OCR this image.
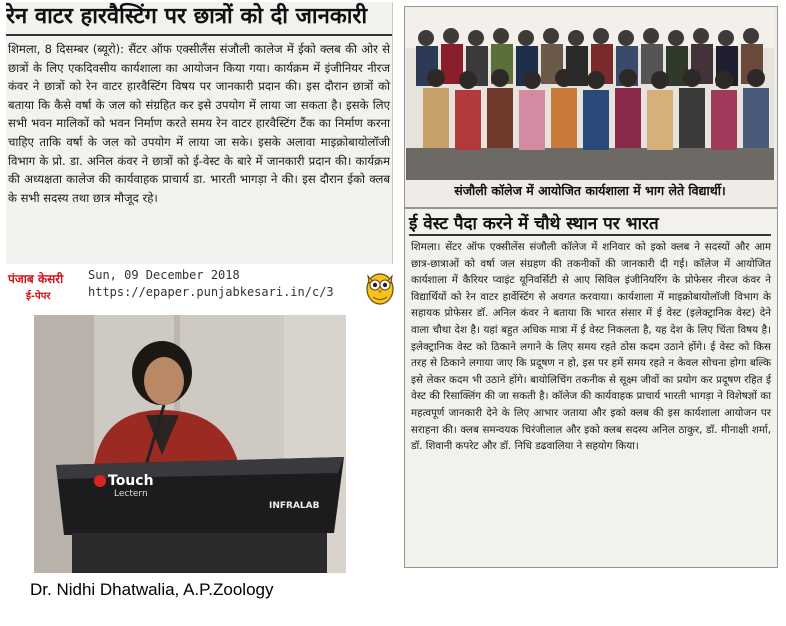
रेन वाटर हारवैस्टिंग पर छात्रों को दी जानकारी
शिमला, 8 दिसम्बर (ब्यूरो): सैंटर ऑफ एक्सीलैंस संजौली कालेज में ईको क्लब की ओर से छात्रों के लिए एकदिवसीय कार्यशाला का आयोजन किया गया। कार्यक्रम में इंजीनियर नीरज कंवर ने छात्रों को रेन वाटर हारवैस्टिंग विषय पर जानकारी प्रदान की। इस दौरान छात्रों को बताया कि कैसे वर्षा के जल को संग्रहित कर इसे उपयोग में लाया जा सकता है। इसके लिए सभी भवन मालिकों को भवन निर्माण करते समय रेन वाटर हारवैस्टिंग टैंक का निर्माण करना चाहिए ताकि वर्षा के जल को उपयोग में लाया जा सके। इसके अलावा माइक्रोबायोलॉजी विभाग के प्रो. डा. अनिल कंवर ने छात्रों को ई-वेस्ट के बारे में जानकारी प्रदान की। कार्यक्रम की अध्यक्षता कालेज की कार्यवाहक प्राचार्य डा. भारती भागड़ा ने की। इस दौरान ईको क्लब के सभी सदस्य तथा छात्र मौजूद रहे।
पंजाब केसरी
ई-पेपर
Sun, 09 December 2018
https://epaper.punjabkesari.in/c/3
Touch
Lectern
INFRALAB
Dr. Nidhi Dhatwalia, A.P.Zoology
संजौली कॉलेज में आयोजित कार्यशाला में भाग लेते विद्यार्थी।
ई वेस्ट पैदा करने में चौथे स्थान पर भारत
शिमला। सेंटर ऑफ एक्सीलेंस संजौली कॉलेज में शनिवार को इको क्लब ने सदस्यों और आम छात्र-छात्राओं को वर्षा जल संग्रहण की तकनीकों की जानकारी दी गई। कॉलेज में आयोजित कार्यशाला में कैरियर प्वाइंट यूनिवर्सिटी से आए सिविल इंजीनियरिंग के प्रोफेसर नीरज कंवर ने विद्यार्थियों को रेन वाटर हार्वेस्टिंग से अवगत करवाया। कार्यशाला में माइक्रोबायोलॉजी विभाग के सहायक प्रोफेसर डॉ. अनिल कंवर ने बताया कि भारत संसार में ई वेस्ट (इलेक्ट्रानिक वेस्ट) देने वाला चौथा देश है। यहां बहुत अधिक मात्रा में ई वेस्ट निकलता है, यह देश के लिए चिंता विषय है। इलेक्ट्रानिक वेस्ट को ठिकाने लगाने के लिए समय रहते ठोस कदम उठाने होंगे। ई वेस्ट को किस तरह से ठिकाने लगाया जाए कि प्रदूषण न हो, इस पर हमें समय रहते न केवल सोचना होगा बल्कि इसे लेकर कदम भी उठाने होंगे। बायोलिचिंग तकनीक से सूक्ष्म जीवों का प्रयोग कर प्रदूषण रहित ई वेस्ट की रिसाक्लिंग की जा सकती है। कॉलेज की कार्यवाहक प्राचार्य भारती भागड़ा ने विशेषज्ञों का महत्वपूर्ण जानकारी देने के लिए आभार जताया और इको क्लब की इस कार्यशाला आयोजन पर सराहना की। क्लब समन्वयक चिरंजीलाल और इको क्लब सदस्य अनिल ठाकुर, डॉ. मीनाक्षी शर्मा, डॉ. शिवानी कपरेट और डॉ. निधि डढवालिया ने सहयोग किया।
